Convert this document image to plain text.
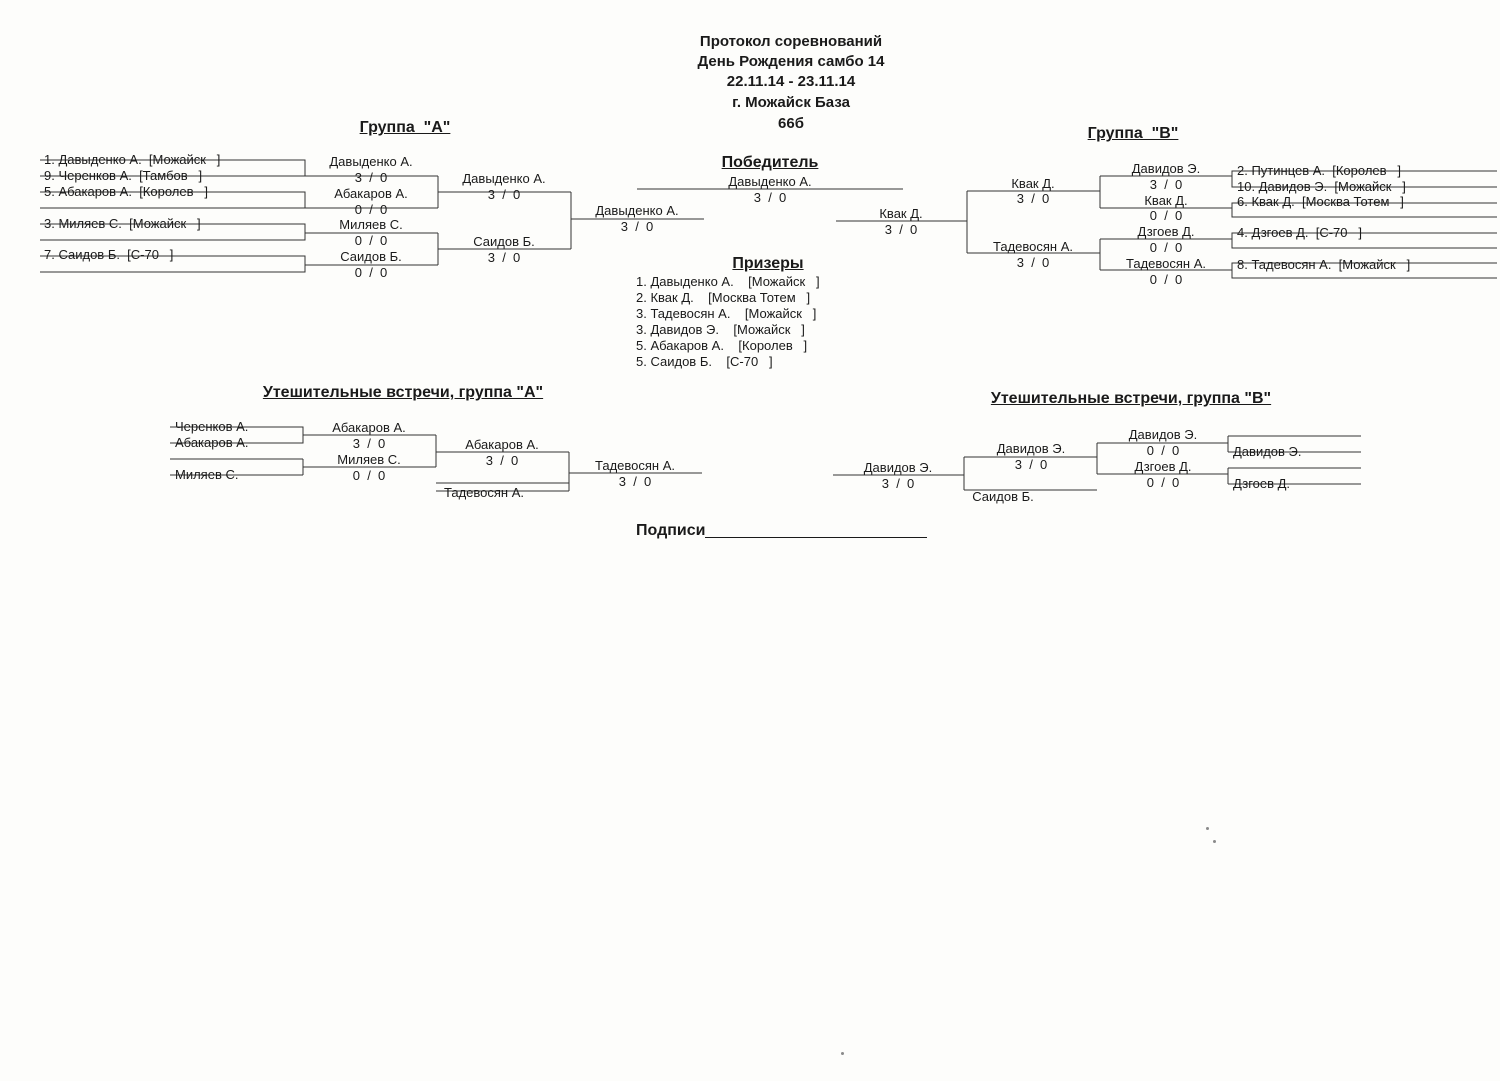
Протокол соревнований
День Рождения самбо 14
22.11.14 - 23.11.14
г. Можайск База
66б
Группа  "А"
1. Давыденко А.  [Можайск   ]
9. Черенков А.  [Тамбов   ]
5. Абакаров А.  [Королев   ]
3. Миляев С.  [Можайск   ]
7. Саидов Б.  [С-70   ]
Давыденко А.
3  /  0
Абакаров А.
0  /  0
Миляев С.
0  /  0
Саидов Б.
0  /  0
Давыденко А.
3  /  0
Саидов Б.
3  /  0
Давыденко А.
3  /  0
Победитель
Давыденко А.
3  /  0
Призеры
1. Давыденко А.    [Можайск   ]
2. Квак Д.    [Москва Тотем   ]
3. Тадевосян А.    [Можайск   ]
3. Давидов Э.    [Можайск   ]
5. Абакаров А.    [Королев   ]
5. Саидов Б.    [С-70   ]
Группа  "В"
2. Путинцев А.  [Королев   ]
10. Давидов Э.  [Можайск   ]
6. Квак Д.  [Москва Тотем   ]
4. Дзгоев Д.  [С-70   ]
8. Тадевосян А.  [Можайск   ]
Давидов Э.
3  /  0
Квак Д.
0  /  0
Дзгоев Д.
0  /  0
Тадевосян А.
0  /  0
Квак Д.
3  /  0
Тадевосян А.
3  /  0
Квак Д.
3  /  0
Утешительные встречи, группа "А"
Черенков А.
Абакаров А.
Миляев С.
Абакаров А.
3  /  0
Миляев С.
0  /  0
Абакаров А.
3  /  0
Тадевосян А.
Тадевосян А.
3  /  0
Утешительные встречи, группа "В"
Давидов Э.
Дзгоев Д.
Давидов Э.
0  /  0
Дзгоев Д.
0  /  0
Давидов Э.
3  /  0
Саидов Б.
Давидов Э.
3  /  0
Подписи
